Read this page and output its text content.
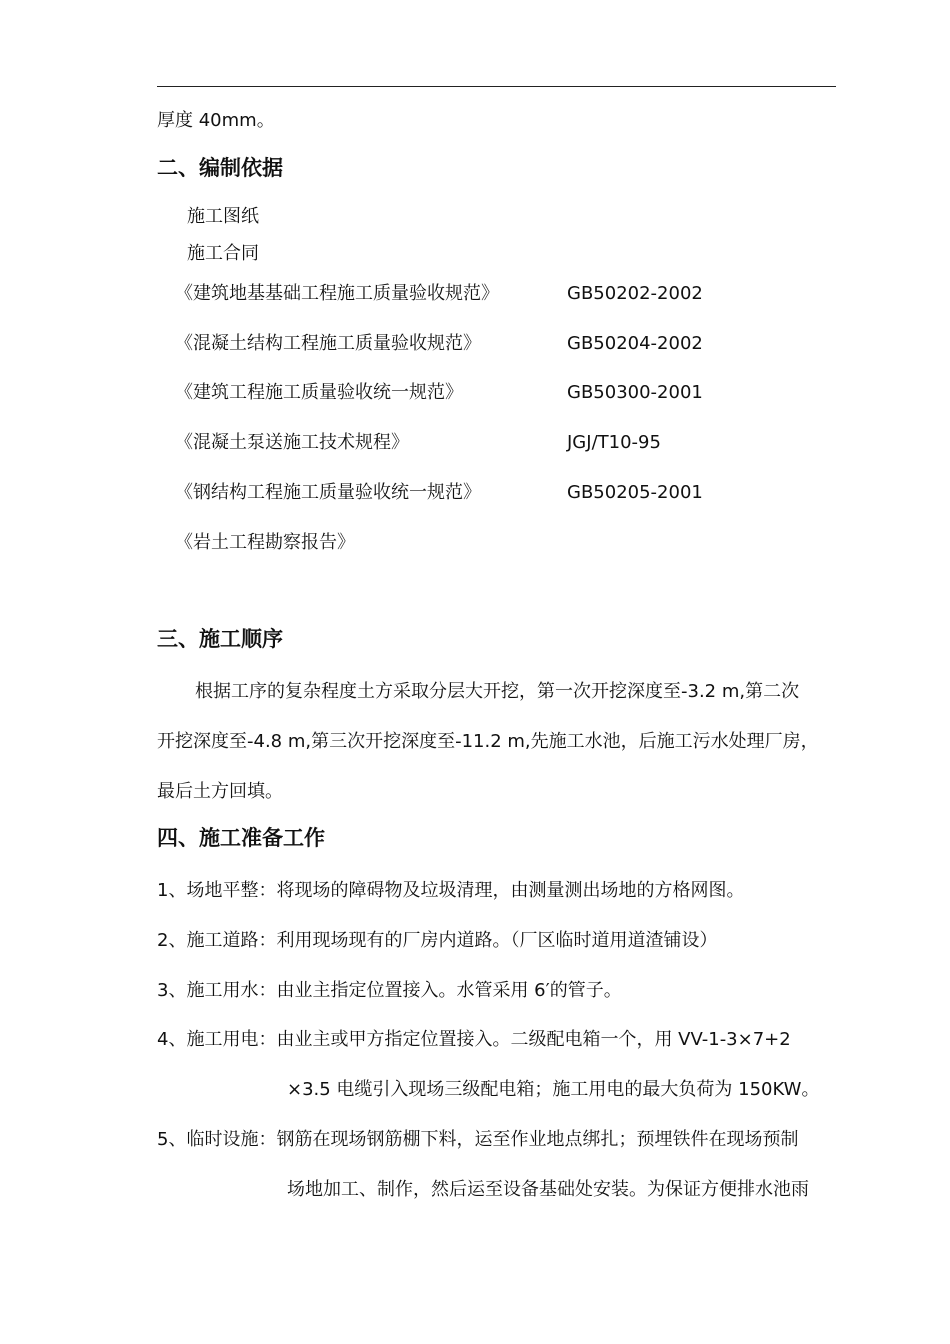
厚度 40mm。
二、编制依据
施工图纸
施工合同
《建筑地基基础工程施工质量验收规范》	GB50202-2002
《混凝土结构工程施工质量验收规范》	GB50204-2002
《建筑工程施工质量验收统一规范》	GB50300-2001
《混凝土泵送施工技术规程》	JGJ/T10-95
《钢结构工程施工质量验收统一规范》	GB50205-2001
《岩土工程勘察报告》
三、施工顺序
根据工序的复杂程度土方采取分层大开挖，第一次开挖深度至-3.2 m,第二次
开挖深度至-4.8 m,第三次开挖深度至-11.2 m,先施工水池，后施工污水处理厂房，
最后土方回填。
四、施工准备工作
1、场地平整：将现场的障碍物及垃圾清理，由测量测出场地的方格网图。
2、施工道路：利用现场现有的厂房内道路。（厂区临时道用道渣铺设）
3、施工用水：由业主指定位置接入。水管采用 6′的管子。
4、施工用电：由业主或甲方指定位置接入。二级配电箱一个，用 VV-1-3×7+2
×3.5 电缆引入现场三级配电箱；施工用电的最大负荷为 150KW。
5、临时设施：钢筋在现场钢筋棚下料，运至作业地点绑扎；预埋铁件在现场预制
场地加工、制作，然后运至设备基础处安装。为保证方便排水池雨
